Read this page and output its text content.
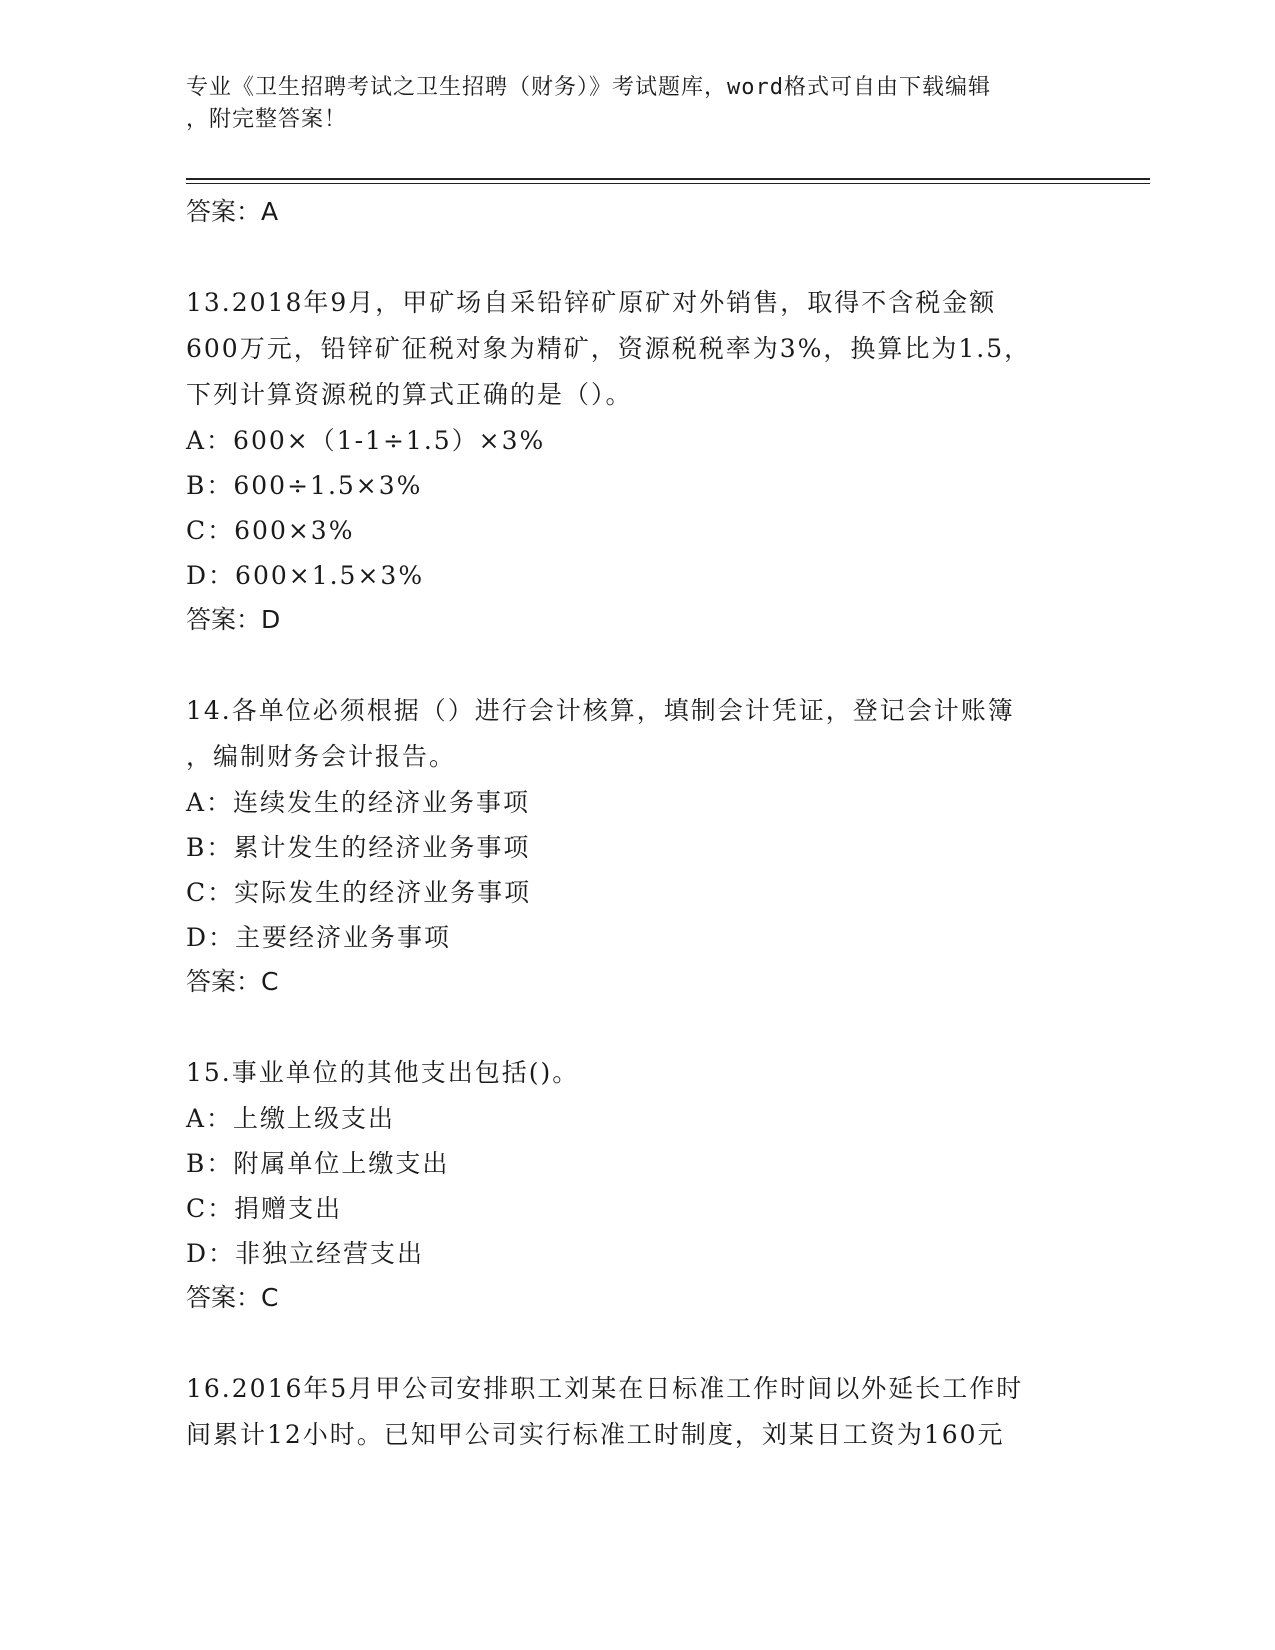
专业《卫生招聘考试之卫生招聘（财务）》考试题库，word格式可自由下载编辑
，附完整答案！
答案：A
13.2018年9月，甲矿场自采铅锌矿原矿对外销售，取得不含税金额
600万元，铅锌矿征税对象为精矿，资源税税率为3%，换算比为1.5，
下列计算资源税的算式正确的是（）。
A：600×（1-1÷1.5）×3%
B：600÷1.5×3%
C：600×3%
D：600×1.5×3%
答案：D
14.各单位必须根据（）进行会计核算，填制会计凭证，登记会计账簿
，编制财务会计报告。
A：连续发生的经济业务事项
B：累计发生的经济业务事项
C：实际发生的经济业务事项
D：主要经济业务事项
答案：C
15.事业单位的其他支出包括()。
A：上缴上级支出
B：附属单位上缴支出
C：捐赠支出
D：非独立经营支出
答案：C
16.2016年5月甲公司安排职工刘某在日标准工作时间以外延长工作时
间累计12小时。已知甲公司实行标准工时制度，刘某日工资为160元
